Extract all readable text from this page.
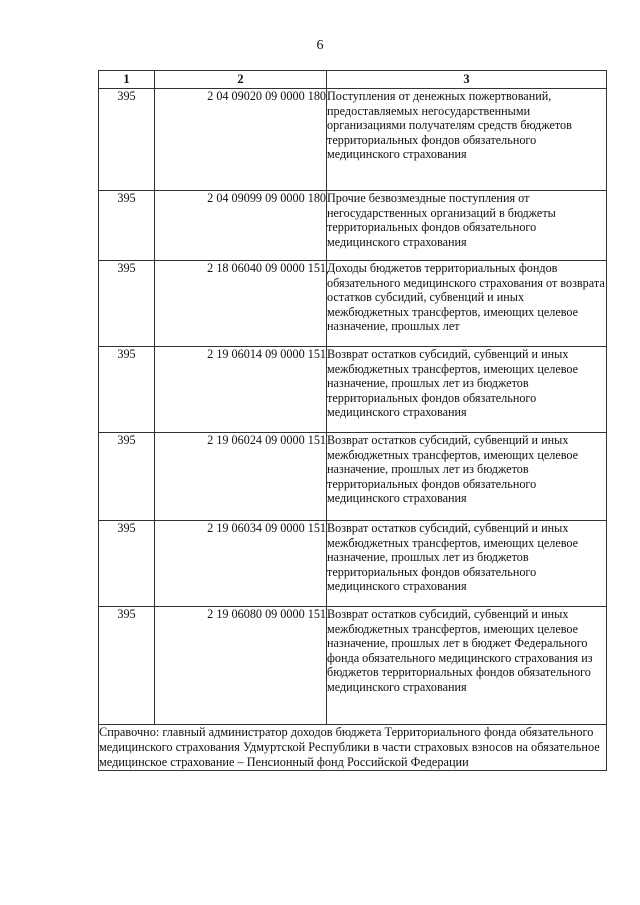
6
1	2	3
395	2 04 09020 09 0000 180	Поступления от денежных пожертвований, предоставляемых негосударственными организациями получателям средств бюджетов территориальных фондов обязательного медицинского страхования
395	2 04 09099 09 0000 180	Прочие безвозмездные поступления от негосударственных организаций в бюджеты территориальных фондов обязательного медицинского страхования
395	2 18 06040 09 0000 151	Доходы бюджетов территориальных фондов обязательного медицинского страхования от возврата остатков субсидий, субвенций и иных межбюджетных трансфертов, имеющих целевое назначение, прошлых лет
395	2 19 06014 09 0000 151	Возврат остатков субсидий, субвенций и иных межбюджетных трансфертов, имеющих целевое назначение, прошлых лет из бюджетов территориальных фондов обязательного медицинского страхования
395	2 19 06024 09 0000 151	Возврат остатков субсидий, субвенций и иных межбюджетных трансфертов, имеющих целевое назначение, прошлых лет из бюджетов территориальных фондов обязательного медицинского страхования
395	2 19 06034 09 0000 151	Возврат остатков субсидий, субвенций и иных межбюджетных трансфертов, имеющих целевое назначение, прошлых лет из бюджетов территориальных фондов обязательного медицинского страхования
395	2 19 06080 09 0000 151	Возврат остатков субсидий, субвенций и иных межбюджетных трансфертов, имеющих целевое назначение, прошлых лет в бюджет Федерального фонда обязательного медицинского страхования из бюджетов территориальных фондов обязательного медицинского страхования
Справочно: главный администратор доходов бюджета Территориального фонда обязательного медицинского страхования Удмуртской Республики в части страховых взносов на обязательное медицинское страхование – Пенсионный фонд Российской Федерации		
